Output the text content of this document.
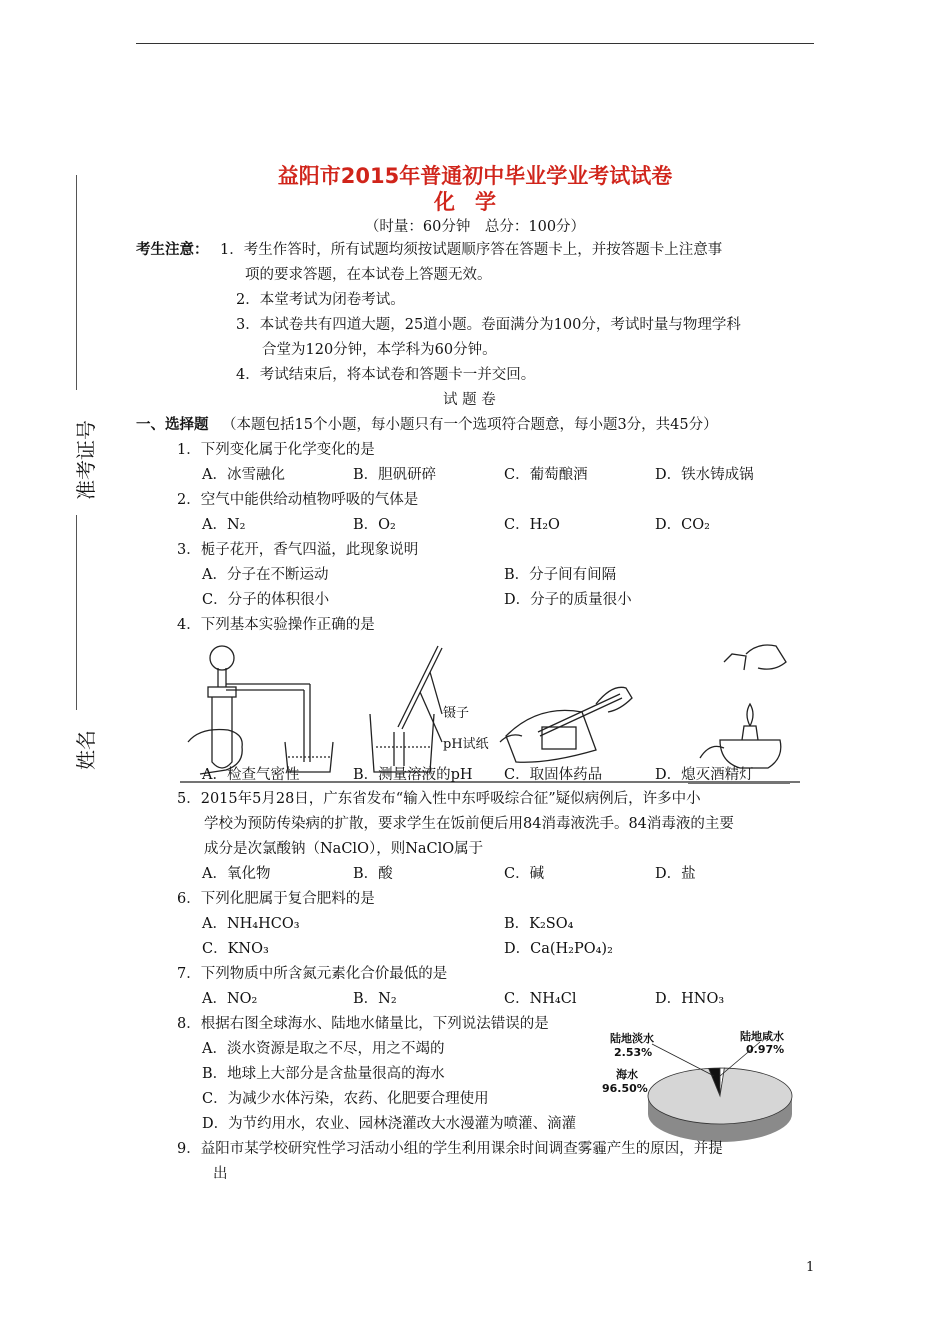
准考证号
姓名
益阳市2015年普通初中毕业学业考试试卷
化学
（时量：60分钟　总分：100分）
考生注意： 1．考生作答时，所有试题均须按试题顺序答在答题卡上，并按答题卡上注意事
项的要求答题，在本试卷上答题无效。
2．本堂考试为闭卷考试。
3．本试卷共有四道大题，25道小题。卷面满分为100分，考试时量与物理学科
合堂为120分钟，本学科为60分钟。
4．考试结束后，将本试卷和答题卡一并交回。
试 题 卷
一、选择题 （本题包括15个小题，每小题只有一个选项符合题意，每小题3分，共45分）
1．下列变化属于化学变化的是
A．冰雪融化	B．胆矾研碎	C．葡萄酿酒	D．铁水铸成锅
2．空气中能供给动植物呼吸的气体是
A．N₂	B．O₂	C．H₂O	D．CO₂
3．栀子花开，香气四溢，此现象说明
A．分子在不断运动	B．分子间有间隔
C．分子的体积很小	D．分子的质量很小
4．下列基本实验操作正确的是
镊子
pH试纸
A．检查气密性	B．测量溶液的pH C．取固体药品	D．熄灭酒精灯
5．2015年5月28日，广东省发布“输入性中东呼吸综合征”疑似病例后，许多中小
学校为预防传染病的扩散，要求学生在饭前便后用84消毒液洗手。84消毒液的主要
成分是次氯酸钠（NaClO），则NaClO属于
A．氧化物	B．酸	C．碱	D．盐
6．下列化肥属于复合肥料的是
A．NH₄HCO₃	B．K₂SO₄
C．KNO₃	D．Ca(H₂PO₄)₂
7．下列物质中所含氮元素化合价最低的是
A．NO₂	B．N₂	C．NH₄Cl	D．HNO₃
8．根据右图全球海水、陆地水储量比，下列说法错误的是
A．淡水资源是取之不尽，用之不竭的
B．地球上大部分是含盐量很高的海水
C．为减少水体污染，农药、化肥要合理使用
D．为节约用水，农业、园林浇灌改大水漫灌为喷灌、滴灌
陆地淡水
2.53%
陆地咸水
0.97%
海水
96.50%
9．益阳市某学校研究性学习活动小组的学生利用课余时间调查雾霾产生的原因，并提
出
1
